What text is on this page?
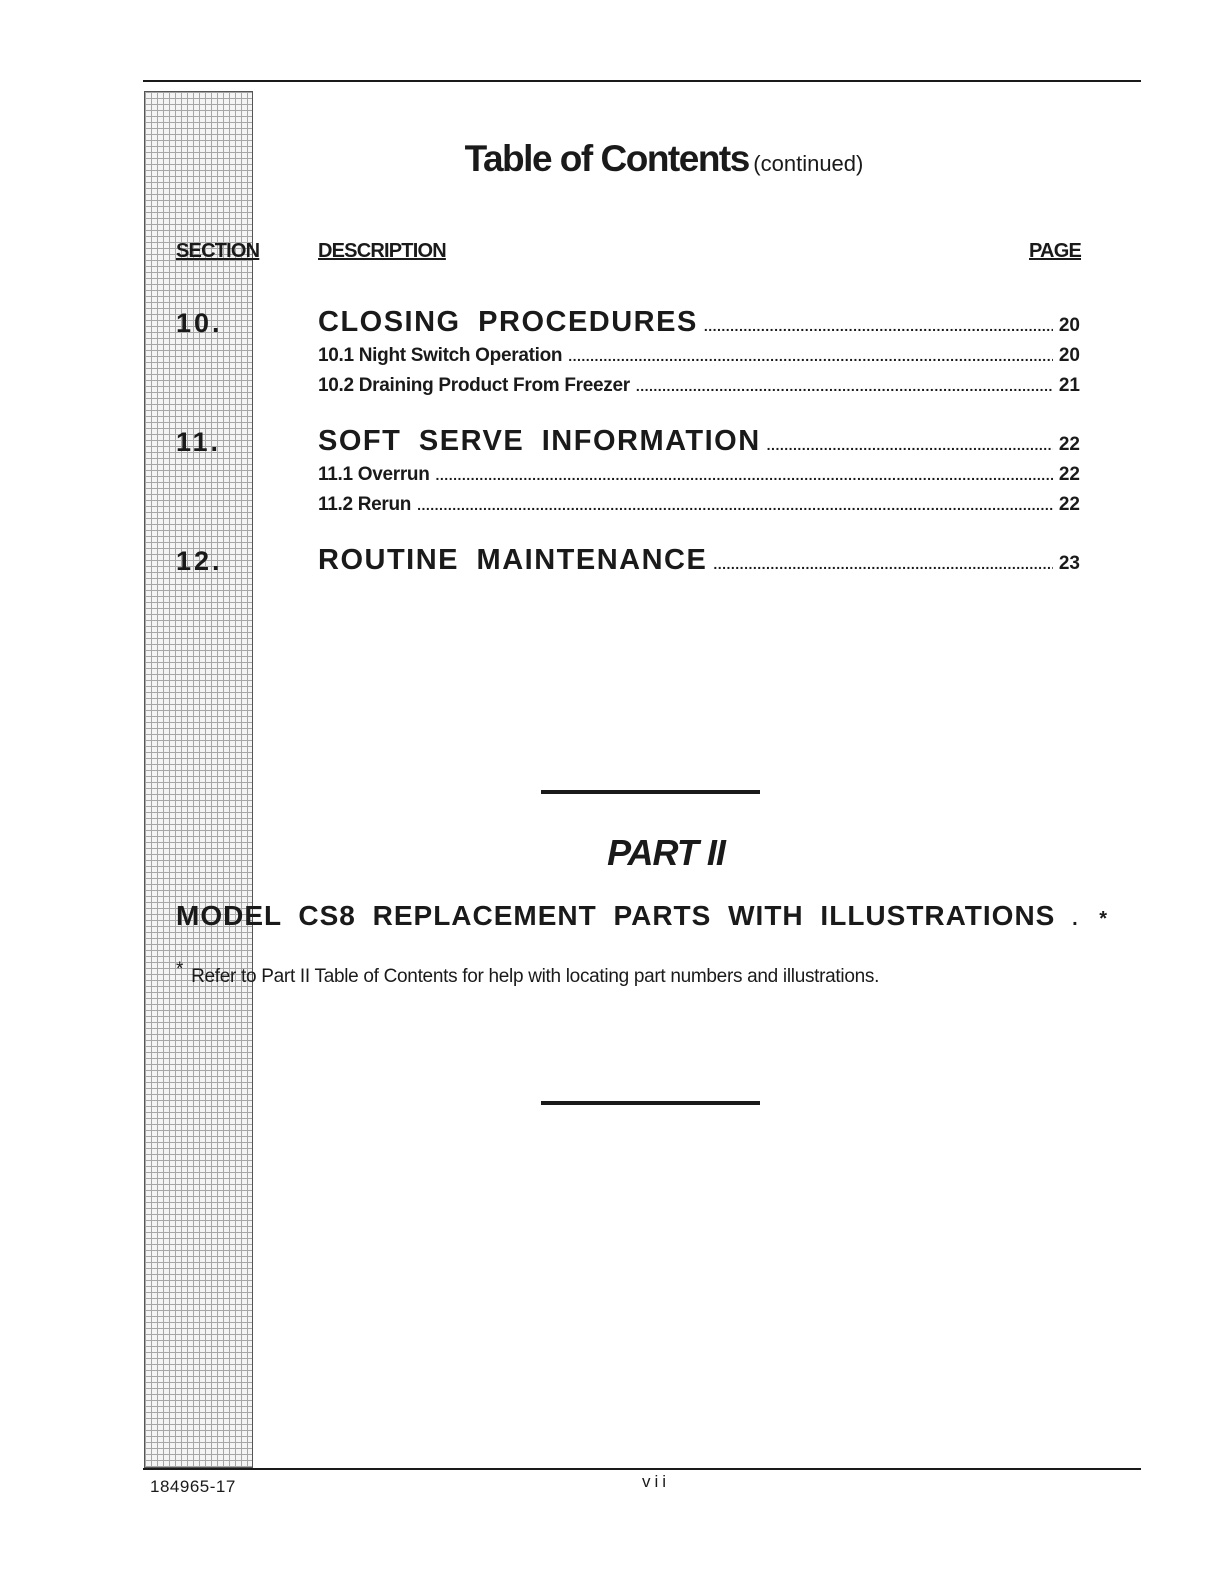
Table of Contents (continued)
SECTION	DESCRIPTION	PAGE
10.	CLOSING PROCEDURES .....	20
10.1 Night Switch Operation .....	20
10.2 Draining Product From Freezer .....	21
11.	SOFT SERVE INFORMATION .....	22
11.1 Overrun .....	22
11.2 Rerun .....	22
12.	ROUTINE MAINTENANCE .....	23
PART II
MODEL CS8 REPLACEMENT PARTS WITH ILLUSTRATIONS . *
* Refer to Part II Table of Contents for help with locating part numbers and illustrations.
184965-17	vii
